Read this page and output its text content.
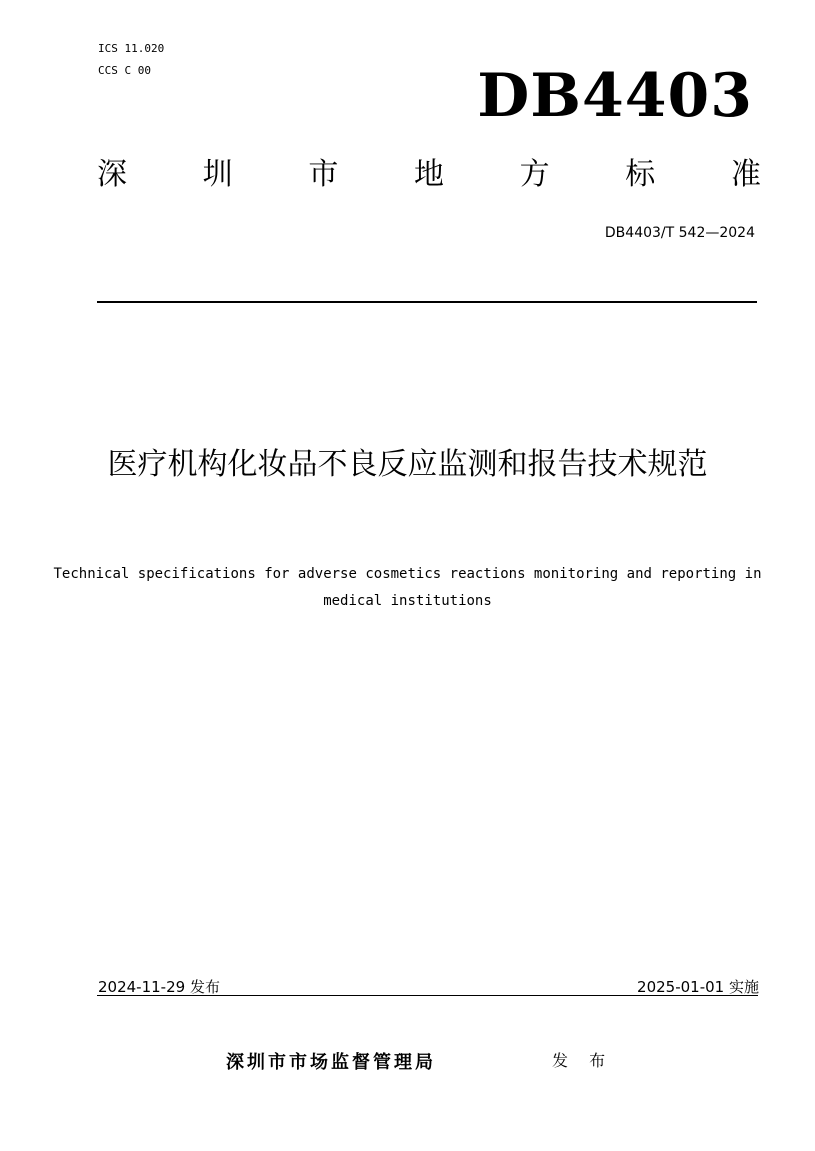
ICS 11.020
CCS C 00	DB4403
深	圳	市	地	方	标	准
DB4403/T 542—2024
医疗机构化妆品不良反应监测和报告技术规范
Technical specifications for adverse cosmetics reactions monitoring and reporting in medical institutions
2024-11-29 发布	2025-01-01 实施
深圳市市场监督管理局	发 布
